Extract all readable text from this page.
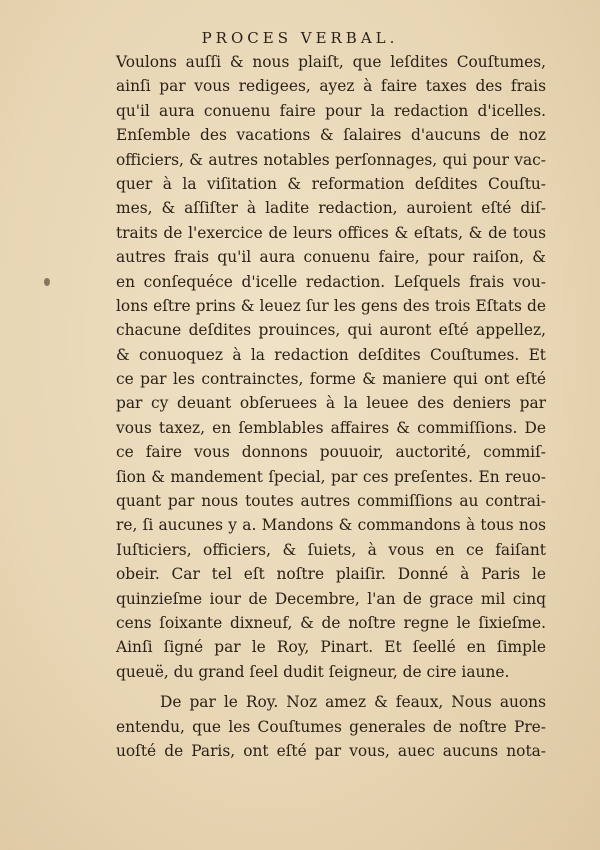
PROCES VERBAL.
Voulons auſſi & nous plaiſt, que leſdites Couſtumes,
ainſi par vous redigees, ayez à faire taxes des frais
qu'il aura conuenu faire pour la redaction d'icelles.
Enſemble des vacations & ſalaires d'aucuns de noz
officiers, & autres notables perſonnages, qui pour vac-
quer à la viſitation & reformation deſdites Couſtu-
mes, & aſſiſter à ladite redaction, auroient eſté diſ-
traits de l'exercice de leurs offices & eſtats, & de tous
autres frais qu'il aura conuenu faire, pour raiſon, &
en conſequéce d'icelle redaction. Leſquels frais vou-
lons eſtre prins & leuez ſur les gens des trois Eſtats de
chacune deſdites prouinces, qui auront eſté appellez,
& conuoquez à la redaction deſdites Couſtumes. Et
ce par les contrainctes, forme & maniere qui ont eſté
par cy deuant obſeruees à la leuee des deniers par
vous taxez, en ſemblables affaires & commiſſions. De
ce faire vous donnons pouuoir, auctorité, commiſ-
ſion & mandement ſpecial, par ces preſentes. En reuo-
quant par nous toutes autres commiſſions au contrai-
re, ſi aucunes y a. Mandons & commandons à tous nos
Iuſticiers, officiers, & ſuiets, à vous en ce faiſant
obeir. Car tel eſt noſtre plaiſir. Donné à Paris le
quinzieſme iour de Decembre, l'an de grace mil cinq
cens ſoixante dixneuf, & de noſtre regne le ſixieſme.
Ainſi ſigné par le Roy, Pinart. Et ſeellé en ſimple
queuë, du grand ſeel dudit ſeigneur, de cire iaune.
De par le Roy. Noz amez & feaux, Nous auons
entendu, que les Couſtumes generales de noſtre Pre-
uoſté de Paris, ont eſté par vous, auec aucuns nota-
